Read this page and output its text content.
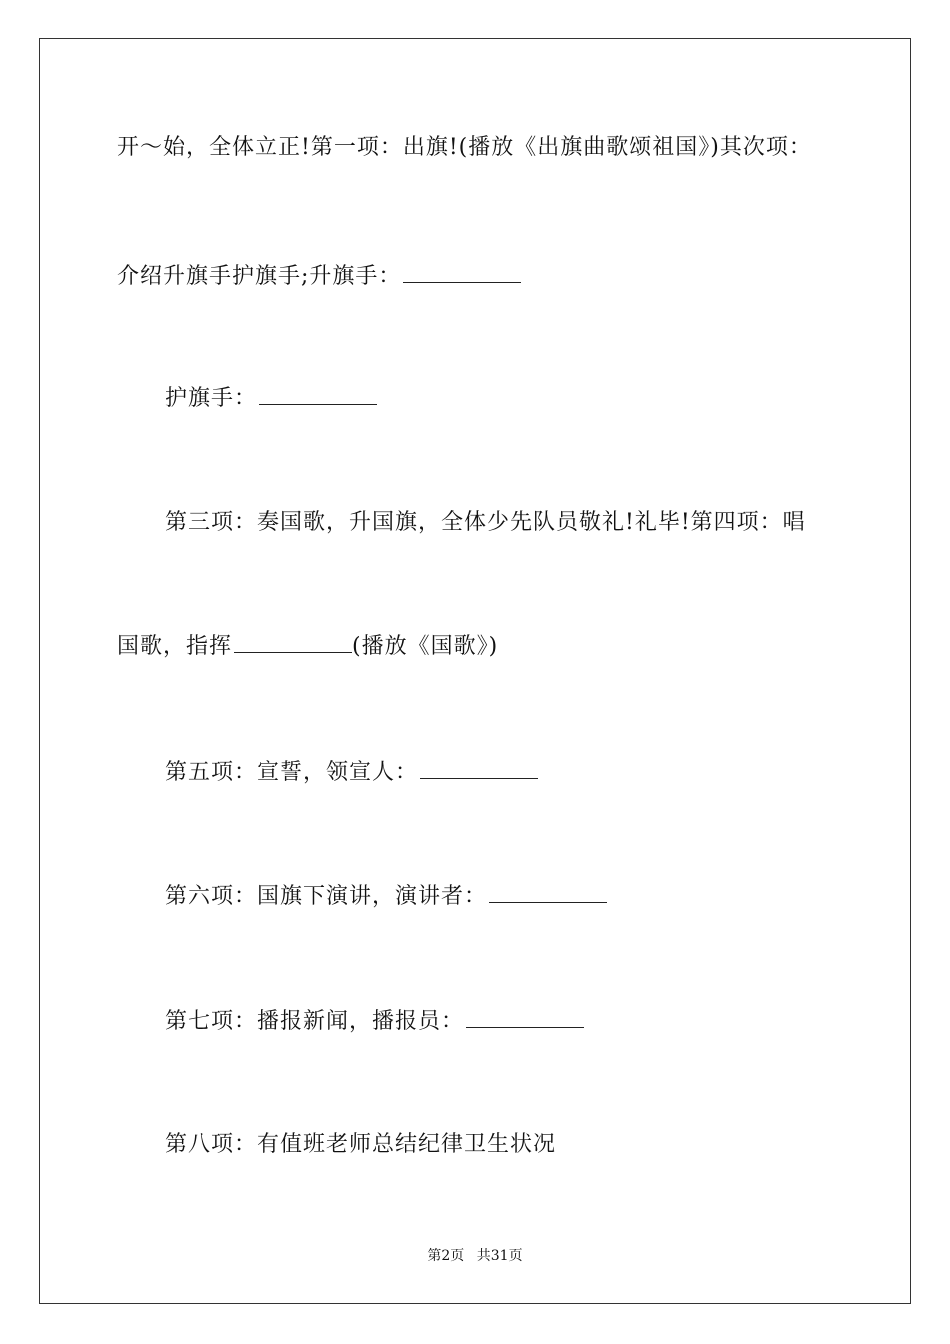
开～始，全体立正!第一项：出旗!(播放《出旗曲歌颂祖国》)其次项：
介绍升旗手护旗手;升旗手：
护旗手：
第三项：奏国歌，升国旗，全体少先队员敬礼!礼毕!第四项：唱
国歌，指挥	(播放《国歌》)
第五项：宣誓，领宣人：
第六项：国旗下演讲，演讲者：
第七项：播报新闻，播报员：
第八项：有值班老师总结纪律卫生状况
第2页 共31页
